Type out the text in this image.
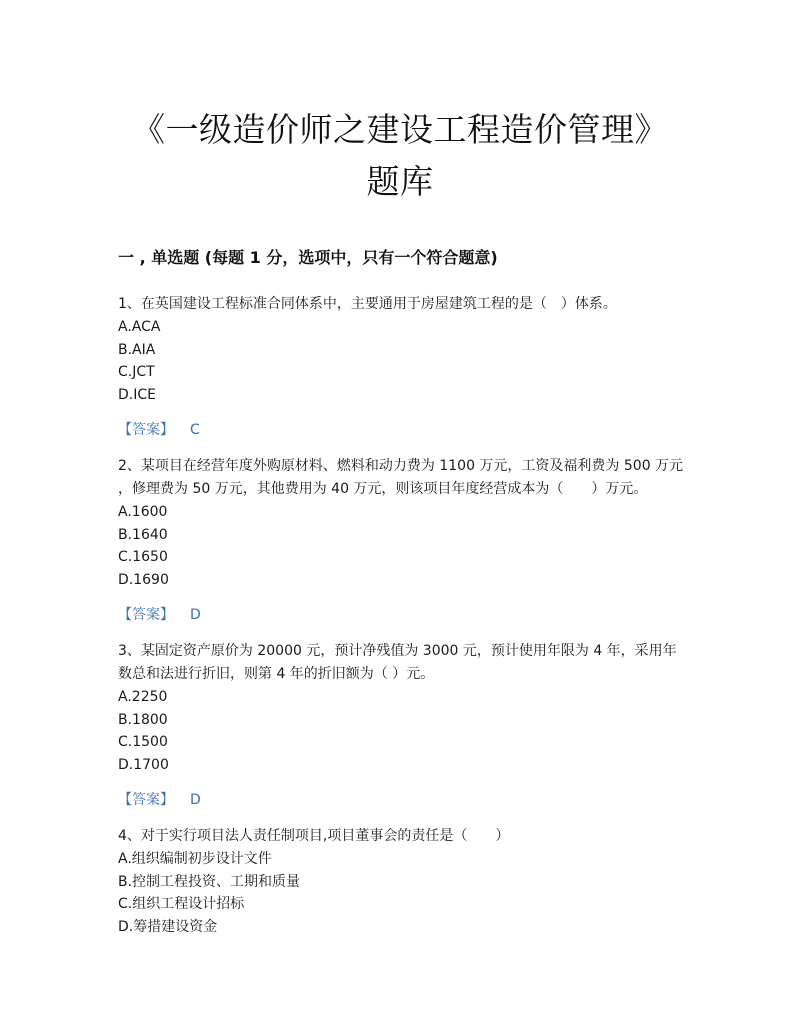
《一级造价师之建设工程造价管理》
题库
一 , 单选题 (每题 1 分，选项中，只有一个符合题意)

1、在英国建设工程标准合同体系中，主要通用于房屋建筑工程的是（　）体系。

A.ACA

B.AIA

C.JCT

D.ICE

【答案】 C

2、某项目在经营年度外购原材料、燃料和动力费为 1100 万元，工资及福利费为 500 万元

，修理费为 50 万元，其他费用为 40 万元，则该项目年度经营成本为（　　）万元。

A.1600

B.1640

C.1650

D.1690

【答案】 D

3、某固定资产原价为 20000 元，预计净残值为 3000 元，预计使用年限为 4 年，采用年

数总和法进行折旧，则第 4 年的折旧额为（ ）元。

A.2250

B.1800

C.1500

D.1700

【答案】 D

4、对于实行项目法人责任制项目,项目董事会的责任是（　　）

A.组织编制初步设计文件

B.控制工程投资、工期和质量

C.组织工程设计招标

D.筹措建设资金
